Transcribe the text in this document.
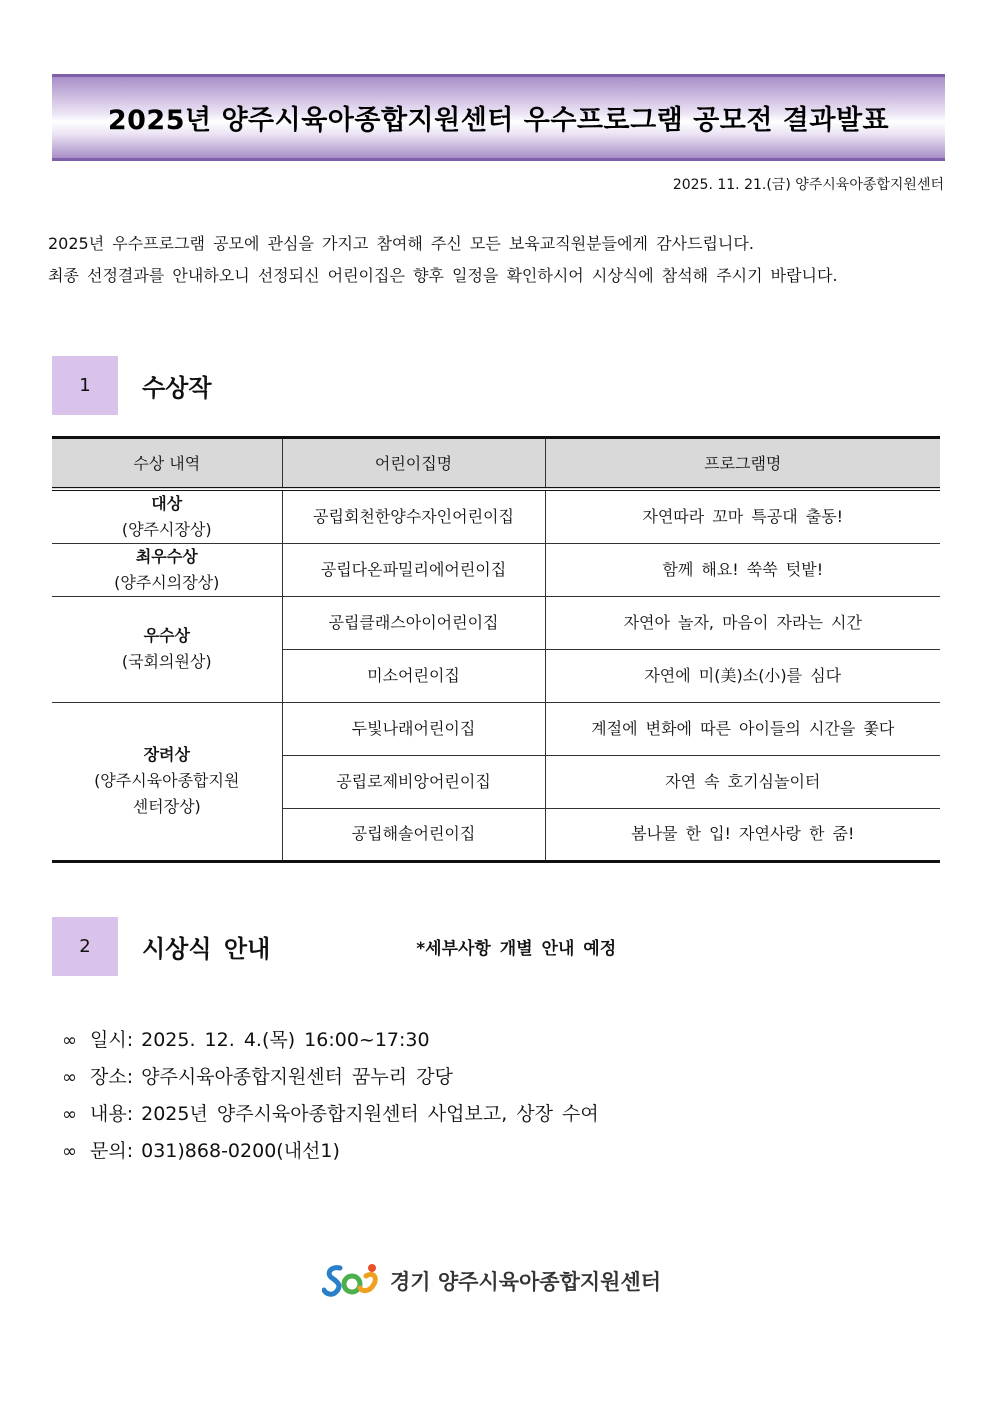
2025년 양주시육아종합지원센터 우수프로그램 공모전 결과발표
2025. 11. 21.(금) 양주시육아종합지원센터
2025년 우수프로그램 공모에 관심을 가지고 참여해 주신 모든 보육교직원분들에게 감사드립니다.
최종 선정결과를 안내하오니 선정되신 어린이집은 향후 일정을 확인하시어 시상식에 참석해 주시기 바랍니다.
1	수상작
수상 내역	어린이집명	프로그램명

대상
(양주시장상)	공립회천한양수자인어린이집	자연따라 꼬마 특공대 출동!

최우수상
(양주시의장상)	공립다온파밀리에어린이집	함께 해요! 쑥쑥 텃밭!

우수상
(국회의원상)	공립클래스아이어린이집	자연아 놀자, 마음이 자라는 시간
	미소어린이집	자연에 미(美)소(小)를 심다

장려상
(양주시육아종합지원
센터장상)	두빛나래어린이집	계절에 변화에 따른 아이들의 시간을 쫓다
	공립로제비앙어린이집	자연 속 호기심놀이터
	공립해솔어린이집	봄나물 한 입! 자연사랑 한 줌!
2	시상식 안내	*세부사항 개별 안내 예정
∞ 일시: 2025. 12. 4.(목) 16:00~17:30
∞ 장소: 양주시육아종합지원센터 꿈누리 강당
∞ 내용: 2025년 양주시육아종합지원센터 사업보고, 상장 수여
∞ 문의: 031)868-0200(내선1)
경기 양주시육아종합지원센터
